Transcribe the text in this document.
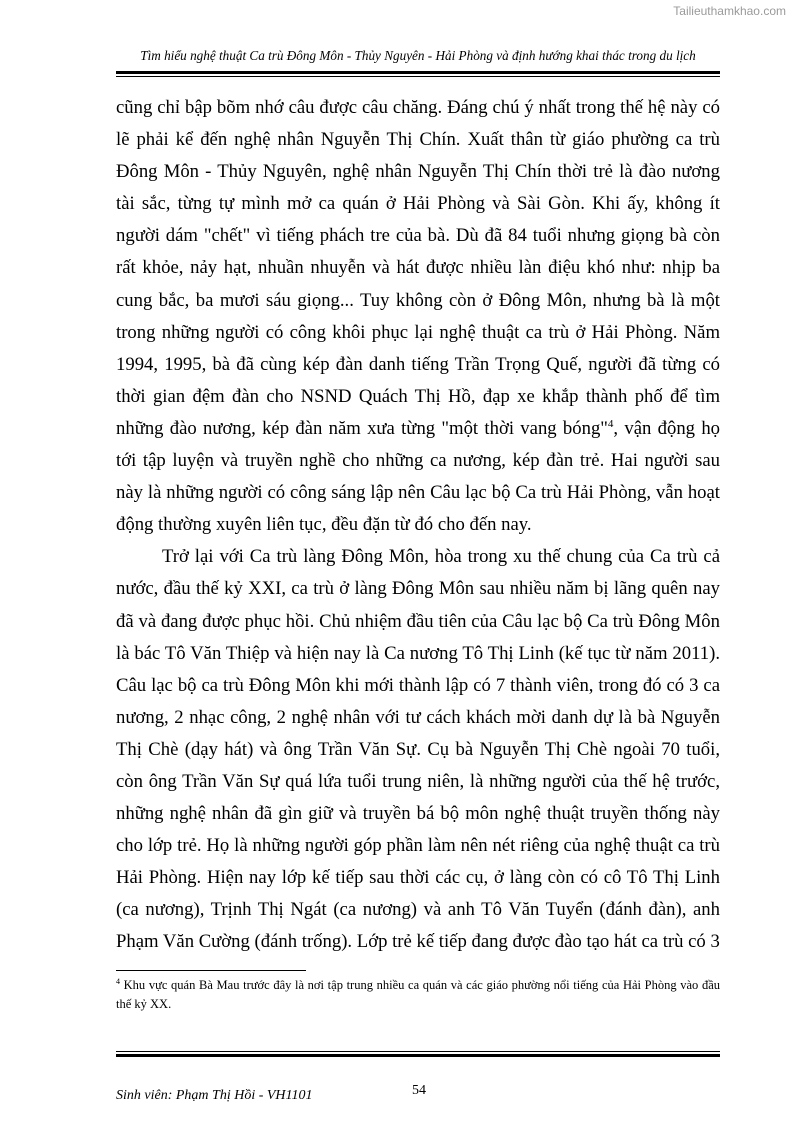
Tailieuthamkhao.com
Tìm hiểu nghệ thuật Ca trù Đông Môn - Thủy Nguyên - Hải Phòng và định hướng khai thác trong du lịch

cũng chỉ bập bõm nhớ câu được câu chăng. Đáng chú ý nhất trong thế hệ này có lẽ phải kể đến nghệ nhân Nguyễn Thị Chín. Xuất thân từ giáo phường ca trù Đông Môn - Thủy Nguyên, nghệ nhân Nguyễn Thị Chín thời trẻ là đào nương tài sắc, từng tự mình mở ca quán ở Hải Phòng và Sài Gòn. Khi ấy, không ít người dám "chết" vì tiếng phách tre của bà. Dù đã 84 tuổi nhưng giọng bà còn rất khỏe, nảy hạt, nhuần nhuyễn và hát được nhiều làn điệu khó như: nhịp ba cung bắc, ba mươi sáu giọng... Tuy không còn ở Đông Môn, nhưng bà là một trong những người có công khôi phục lại nghệ thuật ca trù ở Hải Phòng. Năm 1994, 1995, bà đã cùng kép đàn danh tiếng Trần Trọng Quế, người đã từng có thời gian đệm đàn cho NSND Quách Thị Hồ, đạp xe khắp thành phố để tìm những đào nương, kép đàn năm xưa từng "một thời vang bóng"$^4$, vận động họ tới tập luyện và truyền nghề cho những ca nương, kép đàn trẻ. Hai người sau này là những người có công sáng lập nên Câu lạc bộ Ca trù Hải Phòng, vẫn hoạt động thường xuyên liên tục, đều đặn từ đó cho đến nay.

Trở lại với Ca trù làng Đông Môn, hòa trong xu thế chung của Ca trù cả nước, đầu thế kỷ XXI, ca trù ở làng Đông Môn sau nhiều năm bị lãng quên nay đã và đang được phục hồi. Chủ nhiệm đầu tiên của Câu lạc bộ Ca trù Đông Môn là bác Tô Văn Thiệp và hiện nay là Ca nương Tô Thị Linh (kế tục từ năm 2011). Câu lạc bộ ca trù Đông Môn khi mới thành lập có 7 thành viên, trong đó có 3 ca nương, 2 nhạc công, 2 nghệ nhân với tư cách khách mời danh dự là bà Nguyễn Thị Chè (dạy hát) và ông Trần Văn Sự. Cụ bà Nguyễn Thị Chè ngoài 70 tuổi, còn ông Trần Văn Sự quá lứa tuổi trung niên, là những người của thế hệ trước, những nghệ nhân đã gìn giữ và truyền bá bộ môn nghệ thuật truyền thống này cho lớp trẻ. Họ là những người góp phần làm nên nét riêng của nghệ thuật ca trù Hải Phòng. Hiện nay lớp kế tiếp sau thời các cụ, ở làng còn có cô Tô Thị Linh (ca nương), Trịnh Thị Ngát (ca nương) và anh Tô Văn Tuyển (đánh đàn), anh Phạm Văn Cường (đánh trống). Lớp trẻ kế tiếp đang được đào tạo hát ca trù có 3

$^4$ Khu vực quán Bà Mau trước đây là nơi tập trung nhiều ca quán và các giáo phường nổi tiếng của Hải Phòng vào đầu thế kỷ XX.
Sinh viên: Phạm Thị Hồi - VH1101	54
